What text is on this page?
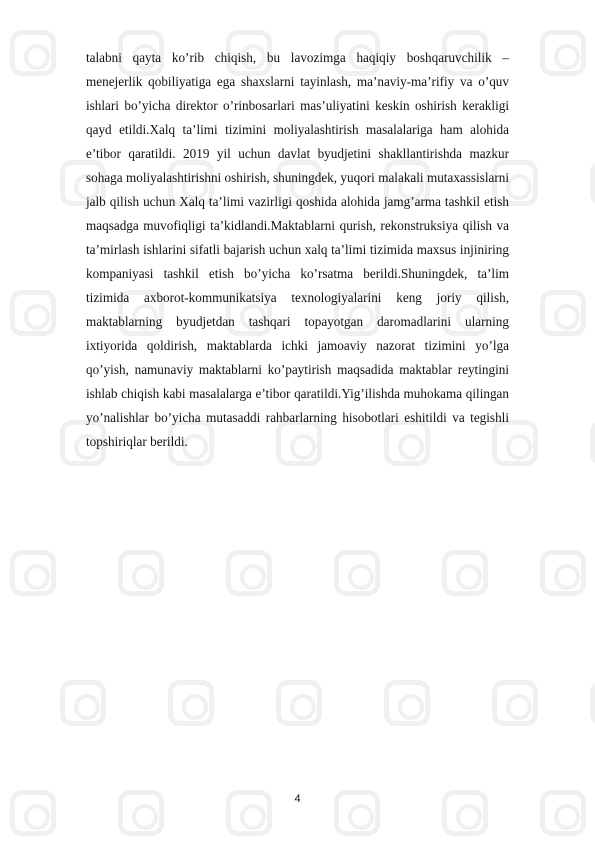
talabni qayta ko’rib chiqish, bu lavozimga haqiqiy boshqaruvchilik – menejerlik qobiliyatiga ega shaxslarni tayinlash, ma’naviy-ma’rifiy va o’quv ishlari bo’yicha direktor o’rinbosarlari mas’uliyatini keskin oshirish kerakligi qayd etildi.Xalq ta’limi tizimini moliyalashtirish masalalariga ham alohida e’tibor qaratildi. 2019 yil uchun davlat byudjetini shakllantirishda mazkur sohaga moliyalashtirishni oshirish, shuningdek, yuqori malakali mutaxassislarni jalb qilish uchun Xalq ta’limi vazirligi qoshida alohida jamg’arma tashkil etish maqsadga muvofiqligi ta’kidlandi.Maktablarni qurish, rekonstruksiya qilish va ta’mirlash ishlarini sifatli bajarish uchun xalq ta’limi tizimida maxsus injiniring kompaniyasi tashkil etish bo’yicha ko’rsatma berildi.Shuningdek, ta’lim tizimida axborot-kommunikatsiya texnologiyalarini keng joriy qilish, maktablarning byudjetdan tashqari topayotgan daromadlarini ularning ixtiyorida qoldirish, maktablarda ichki jamoaviy nazorat tizimini yo’lga qo’yish, namunaviy maktablarni ko’paytirish maqsadida maktablar reytingini ishlab chiqish kabi masalalarga e’tibor qaratildi.Yig’ilishda muhokama qilingan yo’nalishlar bo’yicha mutasaddi rahbarlarning hisobotlari eshitildi va tegishli topshiriqlar berildi.

4
